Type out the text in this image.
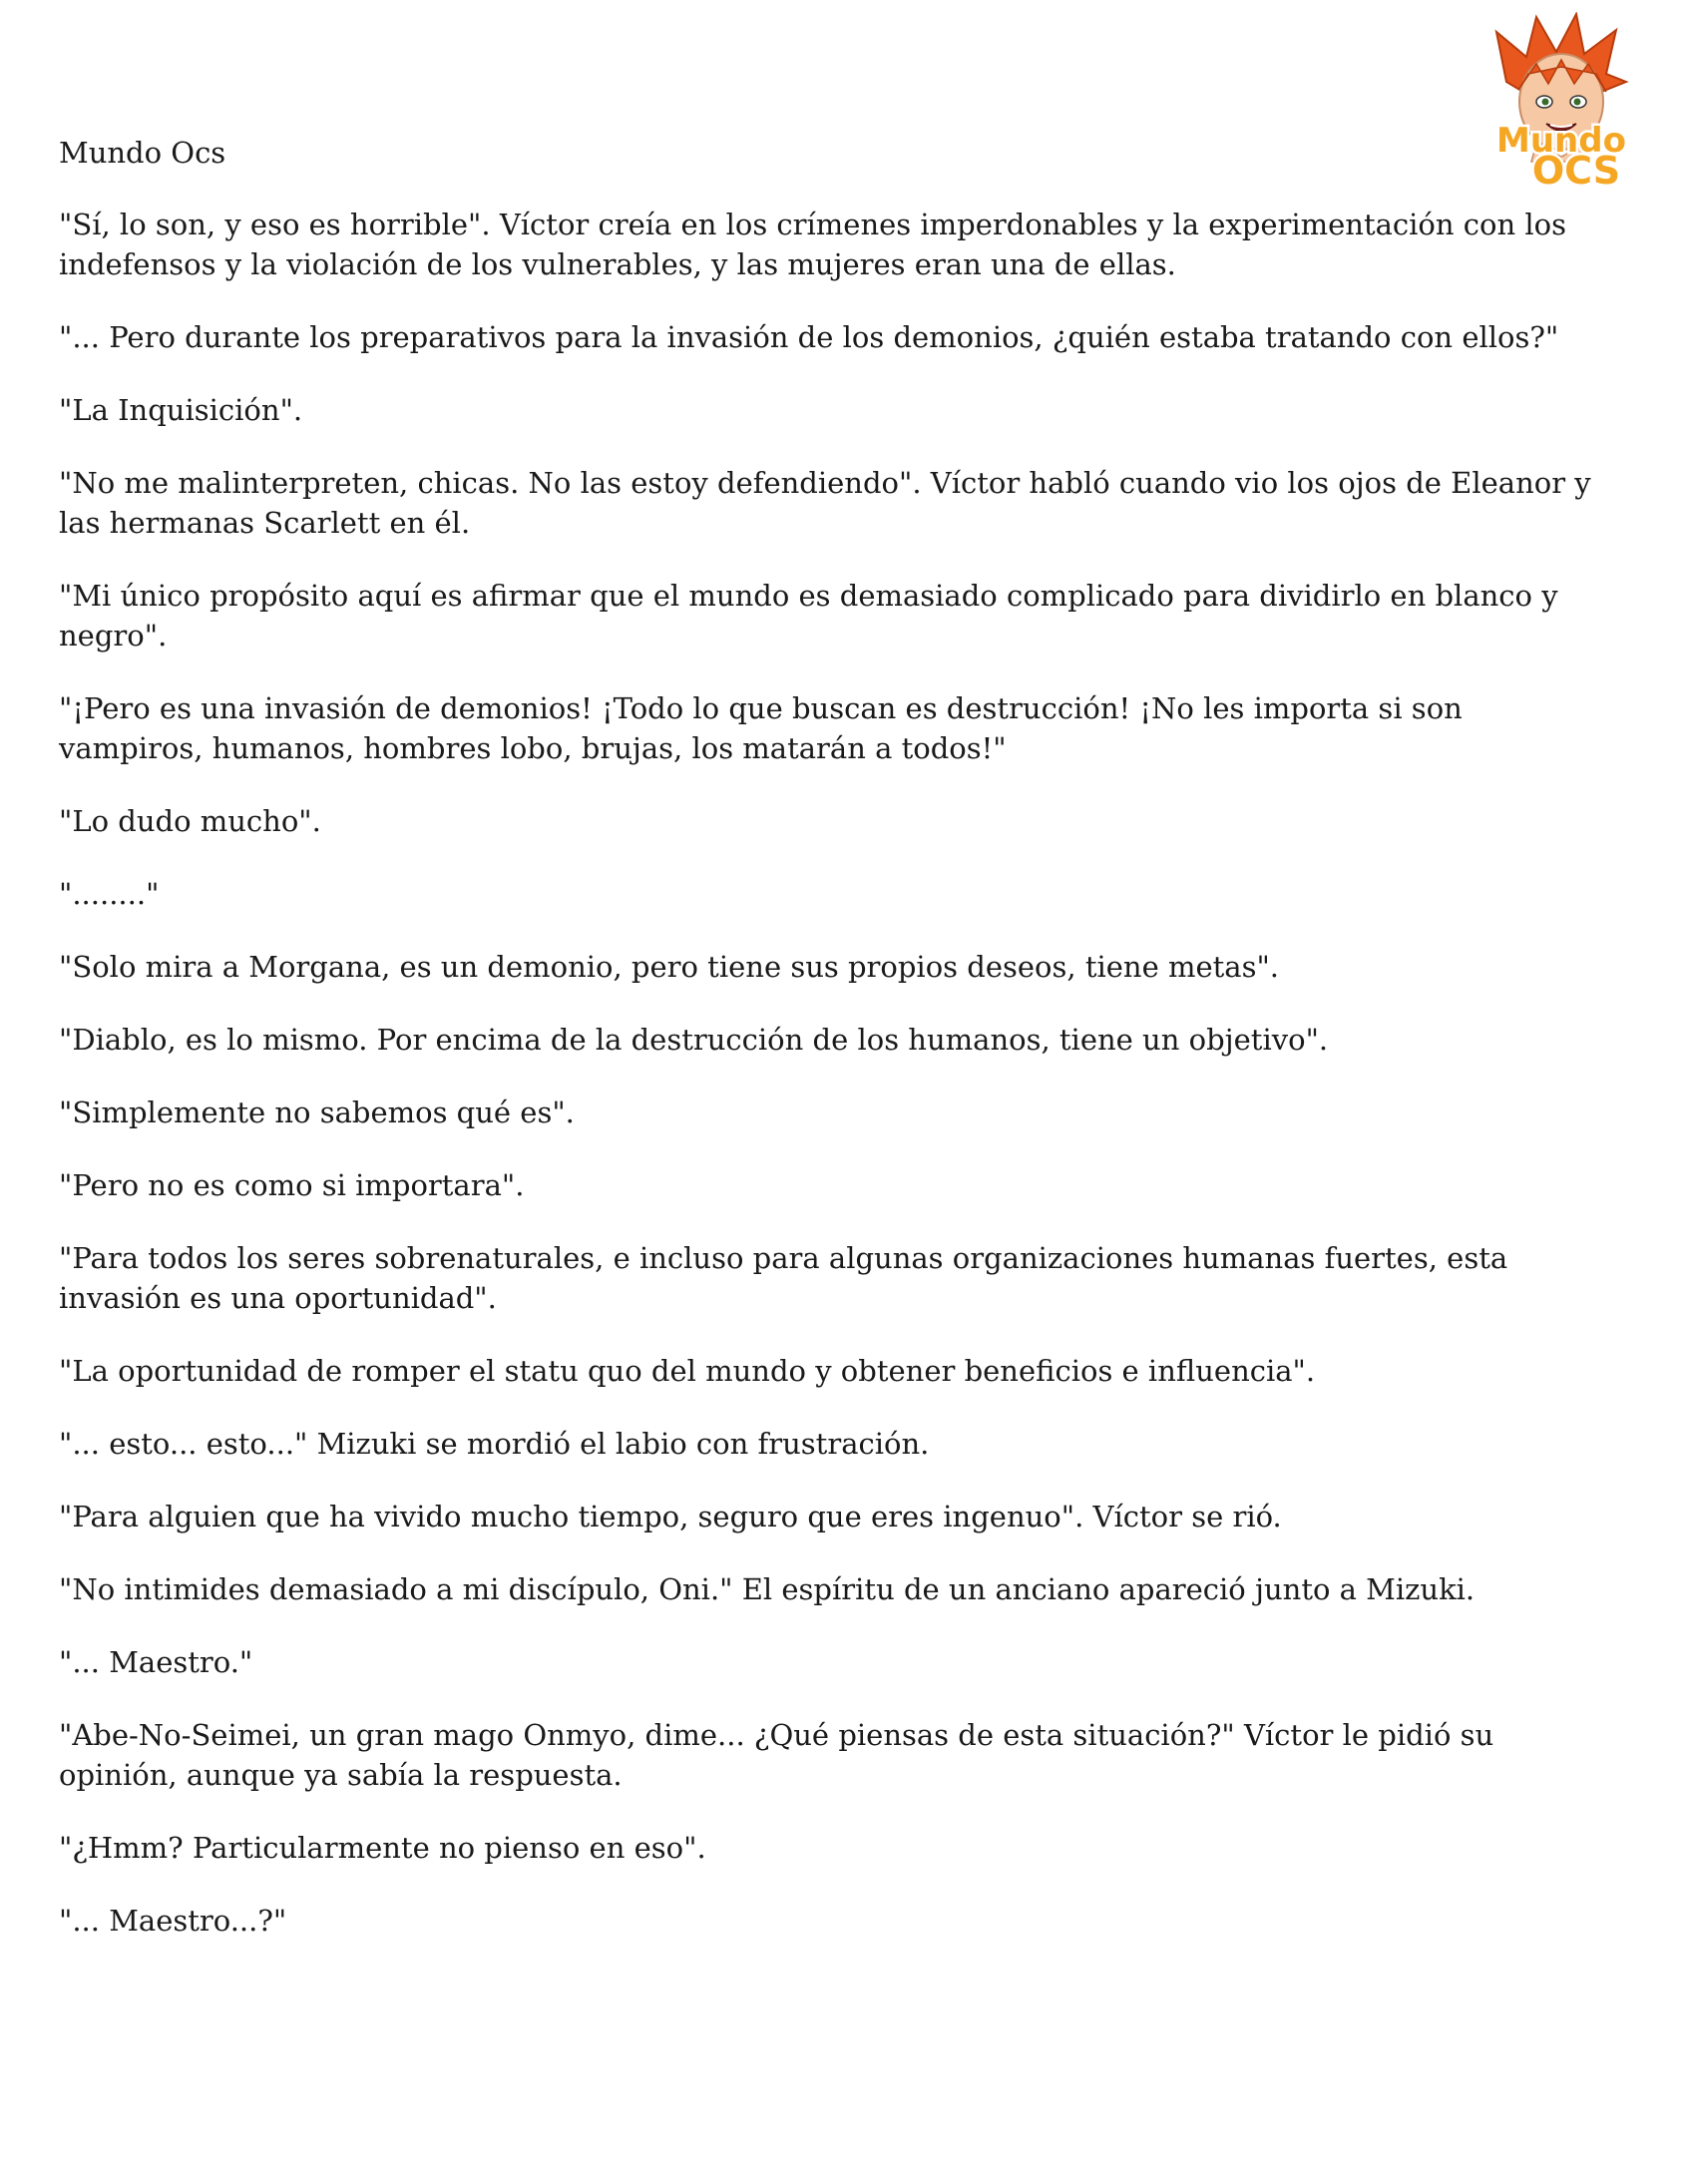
Mundo
OCS

Mundo Ocs

"Sí, lo son, y eso es horrible". Víctor creía en los crímenes imperdonables y la experimentación con los indefensos y la violación de los vulnerables, y las mujeres eran una de ellas.

"... Pero durante los preparativos para la invasión de los demonios, ¿quién estaba tratando con ellos?"

"La Inquisición".

"No me malinterpreten, chicas. No las estoy defendiendo". Víctor habló cuando vio los ojos de Eleanor y las hermanas Scarlett en él.

"Mi único propósito aquí es afirmar que el mundo es demasiado complicado para dividirlo en blanco y negro".

"¡Pero es una invasión de demonios! ¡Todo lo que buscan es destrucción! ¡No les importa si son vampiros, humanos, hombres lobo, brujas, los matarán a todos!"

"Lo dudo mucho".

"........"

"Solo mira a Morgana, es un demonio, pero tiene sus propios deseos, tiene metas".

"Diablo, es lo mismo. Por encima de la destrucción de los humanos, tiene un objetivo".

"Simplemente no sabemos qué es".

"Pero no es como si importara".

"Para todos los seres sobrenaturales, e incluso para algunas organizaciones humanas fuertes, esta invasión es una oportunidad".

"La oportunidad de romper el statu quo del mundo y obtener beneficios e influencia".

"... esto... esto..." Mizuki se mordió el labio con frustración.

"Para alguien que ha vivido mucho tiempo, seguro que eres ingenuo". Víctor se rió.

"No intimides demasiado a mi discípulo, Oni." El espíritu de un anciano apareció junto a Mizuki.

"... Maestro."

"Abe-No-Seimei, un gran mago Onmyo, dime... ¿Qué piensas de esta situación?" Víctor le pidió su opinión, aunque ya sabía la respuesta.

"¿Hmm? Particularmente no pienso en eso".

"... Maestro...?"
